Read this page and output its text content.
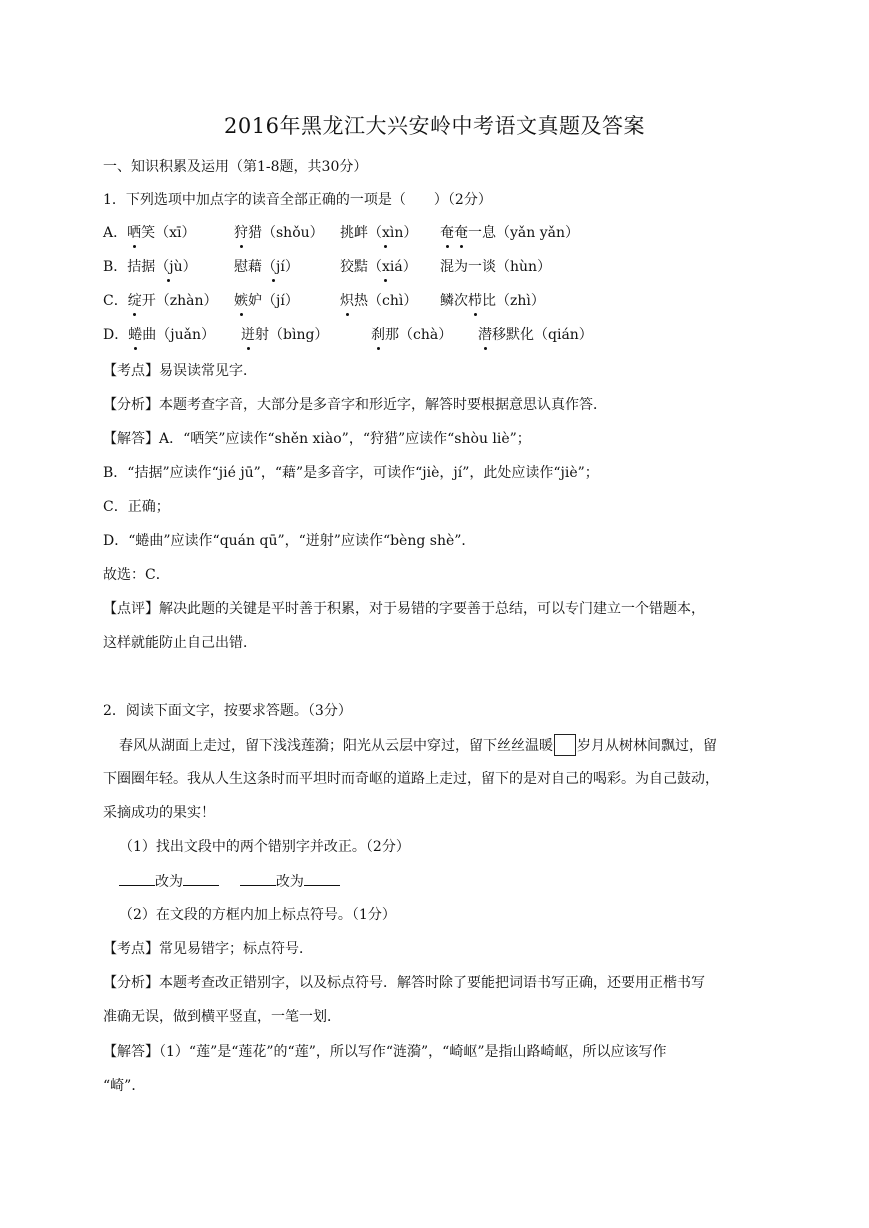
2016年黑龙江大兴安岭中考语文真题及答案
一、知识积累及运用（第1-8题，共30分）
1．下列选项中加点字的读音全部正确的一项是（　　）（2分）
A．哂笑（xī）	狩猎（shǒu） 挑衅（xìn） 奄奄一息（yǎn yǎn）
B．拮据（jù）	慰藉（jí）	狡黠（xiá） 混为一谈（hùn）
C．绽开（zhàn） 嫉妒（jí）	炽热（chì） 鳞次栉比（zhì）
D．蜷曲（juǎn） 迸射（bìng）	刹那（chà） 潜移默化（qián）
【考点】易误读常见字．
【分析】本题考查字音，大部分是多音字和形近字，解答时要根据意思认真作答．
【解答】A．“哂笑”应读作“shěn xiào”，“狩猎”应读作“shòu liè”；
B．“拮据”应读作“jié jū”，“藉”是多音字，可读作“jiè，jí”，此处应读作“jiè”；
C．正确；
D．“蜷曲”应读作“quán qū”，“迸射”应读作“bèng shè”．
故选：C．
【点评】解决此题的关键是平时善于积累，对于易错的字要善于总结，可以专门建立一个错题本，
这样就能防止自己出错．
2．阅读下面文字，按要求答题。（3分）
春风从湖面上走过，留下浅浅莲漪；阳光从云层中穿过，留下丝丝温暖 岁月从树林间飘过，留
下圈圈年轻。我从人生这条时而平坦时而奇岖的道路上走过，留下的是对自己的喝彩。为自己鼓动，
采摘成功的果实！
（1）找出文段中的两个错别字并改正。（2分）
改为	改为
（2）在文段的方框内加上标点符号。（1分）
【考点】常见易错字；标点符号．
【分析】本题考查改正错别字，以及标点符号．解答时除了要能把词语书写正确，还要用正楷书写
准确无误，做到横平竖直，一笔一划．
【解答】（1）“莲”是“莲花”的“莲”，所以写作“涟漪”，“崎岖”是指山路崎岖，所以应该写作
“崎”．
